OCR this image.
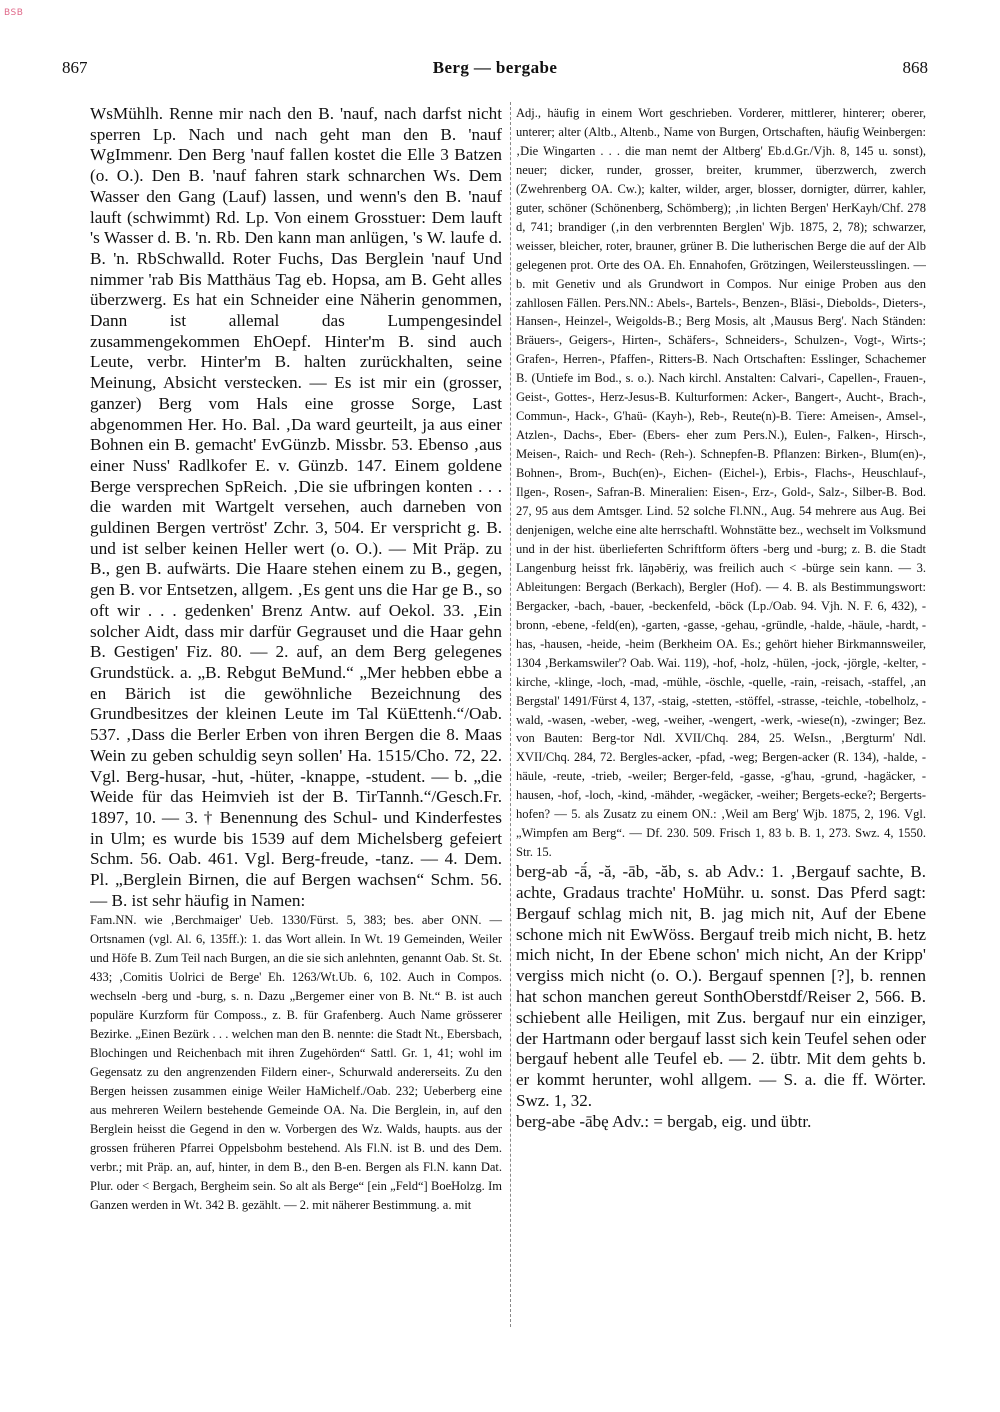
BSB
867	Berg — bergabe	868

WsMühlh. Renne mir nach den B. 'nauf, nach darfst nicht sperren Lp. Nach und nach geht man den B. 'nauf WgImmenr. Den Berg 'nauf fallen kostet die Elle 3 Batzen (o. O.). Den B. 'nauf fahren stark schnarchen Ws. Dem Wasser den Gang (Lauf) lassen, und wenn's den B. 'nauf lauft (schwimmt) Rd. Lp. Von einem Grosstuer: Dem lauft 's Wasser d. B. 'n. Rb. Den kann man anlügen, 's W. laufe d. B. 'n. RbSchwalld. Roter Fuchs, Das Berglein 'nauf Und nimmer 'rab Bis Matthäus Tag eb. Hopsa, am B. Geht alles überzwerg. Es hat ein Schneider eine Näherin genommen, Dann ist allemal das Lumpengesindel zusammengekommen EhOepf. Hinter'm B. sind auch Leute, verbr. Hinter'm B. halten zurückhalten, seine Meinung, Absicht verstecken. — Es ist mir ein (grosser, ganzer) Berg vom Hals eine grosse Sorge, Last abgenommen Her. Ho. Bal. ‚Da ward geurteilt, ja aus einer Bohnen ein B. gemacht' EvGünzb. Missbr. 53. Ebenso ‚aus einer Nuss' Radlkofer E. v. Günzb. 147. Einem goldene Berge versprechen SpReich. ‚Die sie ufbringen konten . . . die warden mit Wartgelt versehen, auch darneben von guldinen Bergen vertröst' Zchr. 3, 504. Er verspricht g. B. und ist selber keinen Heller wert (o. O.). — Mit Präp. zu B., gen B. aufwärts. Die Haare stehen einem zu B., gegen, gen B. vor Entsetzen, allgem. ‚Es gent uns die Har ge B., so oft wir . . . gedenken' Brenz Antw. auf Oekol. 33. ‚Ein solcher Aidt, dass mir darfür Gegrauset und die Haar gehn B. Gestigen' Fiz. 80. — 2. auf, an dem Berg gelegenes Grundstück. a. „B. Rebgut BeMund.“ „Mer hebben ebbe a en Bärich ist die gewöhnliche Bezeichnung des Grundbesitzes der kleinen Leute im Tal KüEttenh.“/Oab. 537. ‚Dass die Berler Erben von ihren Bergen die 8. Maas Wein zu geben schuldig seyn sollen' Ha. 1515/Cho. 72, 22. Vgl. Berg-husar, -hut, -hüter, -knappe, -student. — b. „die Weide für das Heimvieh ist der B. TirTannh.“/Gesch.Fr. 1897, 10. — 3. † Benennung des Schul- und Kinderfestes in Ulm; es wurde bis 1539 auf dem Michelsberg gefeiert Schm. 56. Oab. 461. Vgl. Berg-freude, -tanz. — 4. Dem. Pl. „Berglein Birnen, die auf Bergen wachsen“ Schm. 56. — B. ist sehr häufig in Namen:

Fam.NN. wie ‚Berchmaiger' Ueb. 1330/Fürst. 5, 383; bes. aber ONN. — Ortsnamen (vgl. Al. 6, 135ff.): 1. das Wort allein. In Wt. 19 Gemeinden, Weiler und Höfe B. Zum Teil nach Burgen, an die sie sich anlehnten, genannt Oab. St. St. 433; ‚Comitis Uolrici de Berge' Eh. 1263/Wt.Ub. 6, 102. Auch in Compos. wechseln -berg und -burg, s. n. Dazu „Bergemer einer von B. Nt.“ B. ist auch populäre Kurzform für Composs., z. B. für Grafenberg. Auch Name grösserer Bezirke. „Einen Bezürk . . . welchen man den B. nennte: die Stadt Nt., Ebersbach, Blochingen und Reichenbach mit ihren Zugehörden“ Sattl. Gr. 1, 41; wohl im Gegensatz zu den angrenzenden Fildern einer-, Schurwald andererseits. Zu den Bergen heissen zusammen einige Weiler HaMichelf./Oab. 232; Ueberberg eine aus mehreren Weilern bestehende Gemeinde OA. Na. Die Berglein, in, auf den Berglein heisst die Gegend in den w. Vorbergen des Wz. Walds, haupts. aus der grossen früheren Pfarrei Oppelsbohm bestehend. Als Fl.N. ist B. und des Dem. verbr.; mit Präp. an, auf, hinter, in dem B., den B-en. Bergen als Fl.N. kann Dat. Plur. oder < Bergach, Bergheim sein. So alt als Berge“ [ein „Feld“] BoeHolzg. Im Ganzen werden in Wt. 342 B. gezählt. — 2. mit näherer Bestimmung. a. mit

Adj., häufig in einem Wort geschrieben. Vorderer, mittlerer, hinterer; oberer, unterer; alter (Altb., Altenb., Name von Burgen, Ortschaften, häufig Weinbergen: ‚Die Wingarten . . . die man nemt der Altberg' Eb.d.Gr./Vjh. 8, 145 u. sonst), neuer; dicker, runder, grosser, breiter, krummer, überzwerch, zwerch (Zwehrenberg OA. Cw.); kalter, wilder, arger, blosser, dornigter, dürrer, kahler, guter, schöner (Schönenberg, Schömberg); ‚in lichten Bergen' HerKayh/Chf. 278 d, 741; brandiger (‚in den verbrennten Berglen' Wjb. 1875, 2, 78); schwarzer, weisser, bleicher, roter, brauner, grüner B. Die lutherischen Berge die auf der Alb gelegenen prot. Orte des OA. Eh. Ennahofen, Grötzingen, Weilersteusslingen. — b. mit Genetiv und als Grundwort in Compos. Nur einige Proben aus den zahllosen Fällen. Pers.NN.: Abels-, Bartels-, Benzen-, Bläsi-, Diebolds-, Dieters-, Hansen-, Heinzel-, Weigolds-B.; Berg Mosis, alt ‚Mausus Berg'. Nach Ständen: Bräuers-, Geigers-, Hirten-, Schäfers-, Schneiders-, Schulzen-, Vogt-, Wirts-; Grafen-, Herren-, Pfaffen-, Ritters-B. Nach Ortschaften: Esslinger, Schachemer B. (Untiefe im Bod., s. o.). Nach kirchl. Anstalten: Calvari-, Capellen-, Frauen-, Geist-, Gottes-, Herz-Jesus-B. Kulturformen: Acker-, Bangert-, Aucht-, Brach-, Commun-, Hack-, G'haü- (Kayh-), Reb-, Reute(n)-B. Tiere: Ameisen-, Amsel-, Atzlen-, Dachs-, Eber- (Ebers- eher zum Pers.N.), Eulen-, Falken-, Hirsch-, Meisen-, Raich- und Rech- (Reh-). Schnepfen-B. Pflanzen: Birken-, Blum(en)-, Bohnen-, Brom-, Buch(en)-, Eichen- (Eichel-), Erbis-, Flachs-, Heuschlauf-, Ilgen-, Rosen-, Safran-B. Mineralien: Eisen-, Erz-, Gold-, Salz-, Silber-B. Bod. 27, 95 aus dem Amtsger. Lind. 52 solche Fl.NN., Aug. 54 mehrere aus Aug. Bei denjenigen, welche eine alte herrschaftl. Wohnstätte bez., wechselt im Volksmund und in der hist. überlieferten Schriftform öfters -berg und -burg; z. B. die Stadt Langenburg heisst frk. lāŋəbēriχ, was freilich auch < -bürge sein kann. — 3. Ableitungen: Bergach (Berkach), Bergler (Hof). — 4. B. als Bestimmungswort: Bergacker, -bach, -bauer, -beckenfeld, -böck (Lp./Oab. 94. Vjh. N. F. 6, 432), -bronn, -ebene, -feld(en), -garten, -gasse, -gehau, -gründle, -halde, -häule, -hardt, -has, -hausen, -heide, -heim (Berkheim OA. Es.; gehört hieher Birkmannsweiler, 1304 ‚Berkamswiler'? Oab. Wai. 119), -hof, -holz, -hülen, -jock, -jörgle, -kelter, -kirche, -klinge, -loch, -mad, -mühle, -öschle, -quelle, -rain, -reisach, -staffel, ‚an Bergstal' 1491/Fürst 4, 137, -staig, -stetten, -stöffel, -strasse, -teichle, -tobelholz, -wald, -wasen, -weber, -weg, -weiher, -wengert, -werk, -wiese(n), -zwinger; Bez. von Bauten: Berg-tor Ndl. XVII/Chq. 284, 25. WeIsn., ‚Bergturm' Ndl. XVII/Chq. 284, 72. Bergles-acker, -pfad, -weg; Bergen-acker (R. 134), -halde, -häule, -reute, -trieb, -weiler; Berger-feld, -gasse, -g'hau, -grund, -hagäcker, -hausen, -hof, -loch, -kind, -mähder, -wegäcker, -weiher; Bergets-ecke?; Bergerts-hofen? — 5. als Zusatz zu einem ON.: ‚Weil am Berg' Wjb. 1875, 2, 196. Vgl. „Wimpfen am Berg“. — Df. 230. 509. Frisch 1, 83 b. B. 1, 273. Swz. 4, 1550. Str. 15.

berg-ab -ā́, -ă, -āb, -ăb, s. ab Adv.: 1. ‚Bergauf sachte, B. achte, Gradaus trachte' HoMühr. u. sonst. Das Pferd sagt: Bergauf schlag mich nit, B. jag mich nit, Auf der Ebene schone mich nit EwWöss. Bergauf treib mich nicht, B. hetz mich nicht, In der Ebene schon' mich nicht, An der Kripp' vergiss mich nicht (o. O.). Bergauf spennen [?], b. rennen hat schon manchen gereut SonthOberstdf/Reiser 2, 566. B. schiebent alle Heiligen, mit Zus. bergauf nur ein einziger, der Hartmann oder bergauf lasst sich kein Teufel sehen oder bergauf hebent alle Teufel eb. — 2. übtr. Mit dem gehts b. er kommt herunter, wohl allgem. — S. a. die ff. Wörter. Swz. 1, 32.

berg-abe -ābę Adv.: = bergab, eig. und übtr.
